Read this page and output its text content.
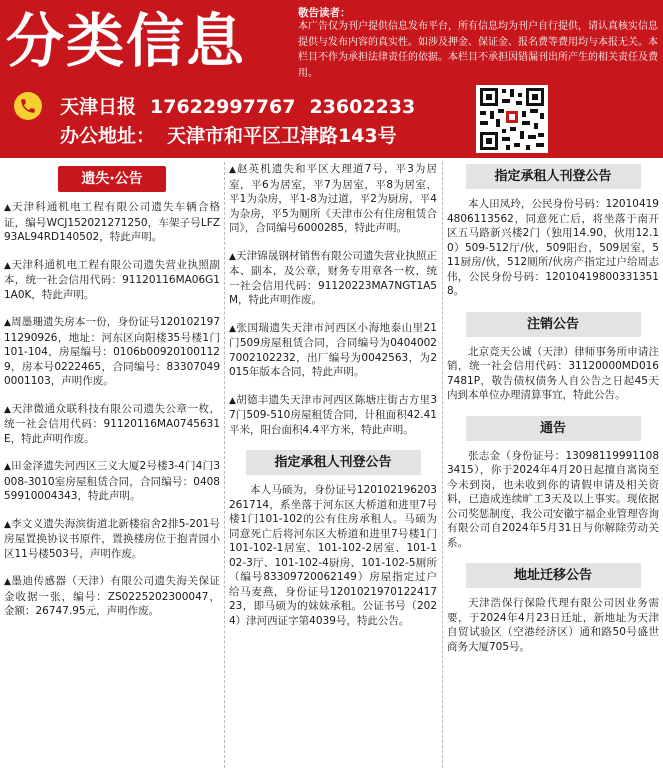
分类信息	敬告读者：
本广告仅为刊户提供信息发布平台，所有信息均为刊户自行提供，请认真核实信息提供与发布内容的真实性。如涉及押金、保证金、报名费等费用均与本报无关。本栏目不作为承担法律责任的依据。本栏目不承担因错漏刊出所产生的相关责任及费用。
天津日报 17622997767 23602233
办公地址： 天津市和平区卫津路143号
遗失·公告
▲天津科通机电工程有限公司遗失车辆合格证，编号WCJ152021271250，车架子号LFZ93AL94RD140502，特此声明。
▲天津科通机电工程有限公司遗失营业执照副本，统一社会信用代码：91120116MA06G11A0K，特此声明。
▲周墨珊遗失房本一份，身份证号12010219711290926，地址：河东区向阳楼35号楼1门101-104，房屋编号：0106b009201001129，房本号0222465，合同编号：8330704900011​03，声明作废。
▲天津微通众联科技有限公司遗失公章一枚，统一社会信用代码：91120116MA0745631E，特此声明作废。
▲田金泽遗失河西区三义大厦2号楼3-4门4门3008-3010室房屋租赁合同，合同编号：040859910004343，特此声明。
▲李文义遗失海滨街道北新楼宿舍2排5-201号房屋置换协议书原件，置换楼房位于抱青园小区11号楼503号，声明作废。
▲墨迪传感器（天津）有限公司遗失海关保证金收据一张，编号：ZS0225202300047，金额：26747.95元，声明作废。
▲赵英机遗失和平区大理道7号，平3为居室，平6为居室，平7为居室，平8为居室，平1为杂房，平1-8为过道，平2为厨房，平4为杂房，平5为厕所《天津市公有住房租赁合同》，合同编号6000285，特此声明。
▲天津锦晟钢材销售有限公司遗失营业执照正本、副本，及公章，财务专用章各一枚，统一社会信用代码：91120223MA7NGT1A5M，特此声明作废。
▲张国瑞遗失天津市河西区小海地泰山里21门509房屋租赁合同，合同编号为04040027002102232，出厂编号为0042563，为2015年版本合同，特此声明。
▲胡德丰遗失天津市河西区陈塘庄街古方里37门509-510房屋租赁合同，计租面积42.41平米，阳台面积4.4平方米，特此声明。
指定承租人刊登公告
本人马硕为，身份证号120102196203261714，系坐落于河东区大桥道和进里7号楼1门101-102的公有住房承租人。马硕为同意死亡后将河东区大桥道和进里7号楼1门101-102-1居室、101-102-2居室、101-102-3厅、101-102-4厨房、101-102-5厕所（编号83309720062149）房屋指定过户给马麦燕，身份证号120102197012241723，即马硕为的妹妹承租。公证书号（2024）津河西证字第4039号，特此公告。
指定承租人刊登公告
本人田凤玲，公民身份号码：120104194806113562，同意死亡后，将坐落于南开区五马路新兴楼2门（独用14.90，伙用12.10）509-512厅/伙，509阳台，509居室，511厨房/伙，512厕所/伙房产指定过户给周志伟，公民身份号码：120104198003313518。
注销公告
北京竞天公诚（天津）律师事务所申请注销，统一社会信用代码：31120000MD0167481P，敬告债权债务人自公告之日起45天内到本单位办理清算事宜，特此公告。
通告
张志金（身份证号：130981199911083415），你于2024年4月20日起擅自离岗至今未到岗，也未收到你的请假申请及相关资料，已造成连续旷工3天及以上事实。现依据公司奖惩制度，我公司安徽宇福企业管理咨询有限公司自2024年5月31日与你解除劳动关系。
地址迁移公告
天津浩保行保险代理有限公司因业务需要，于2024年4月23日迁址，新地址为天津自贸试验区（空港经济区）通和路50号盛世商务大厦705号。
